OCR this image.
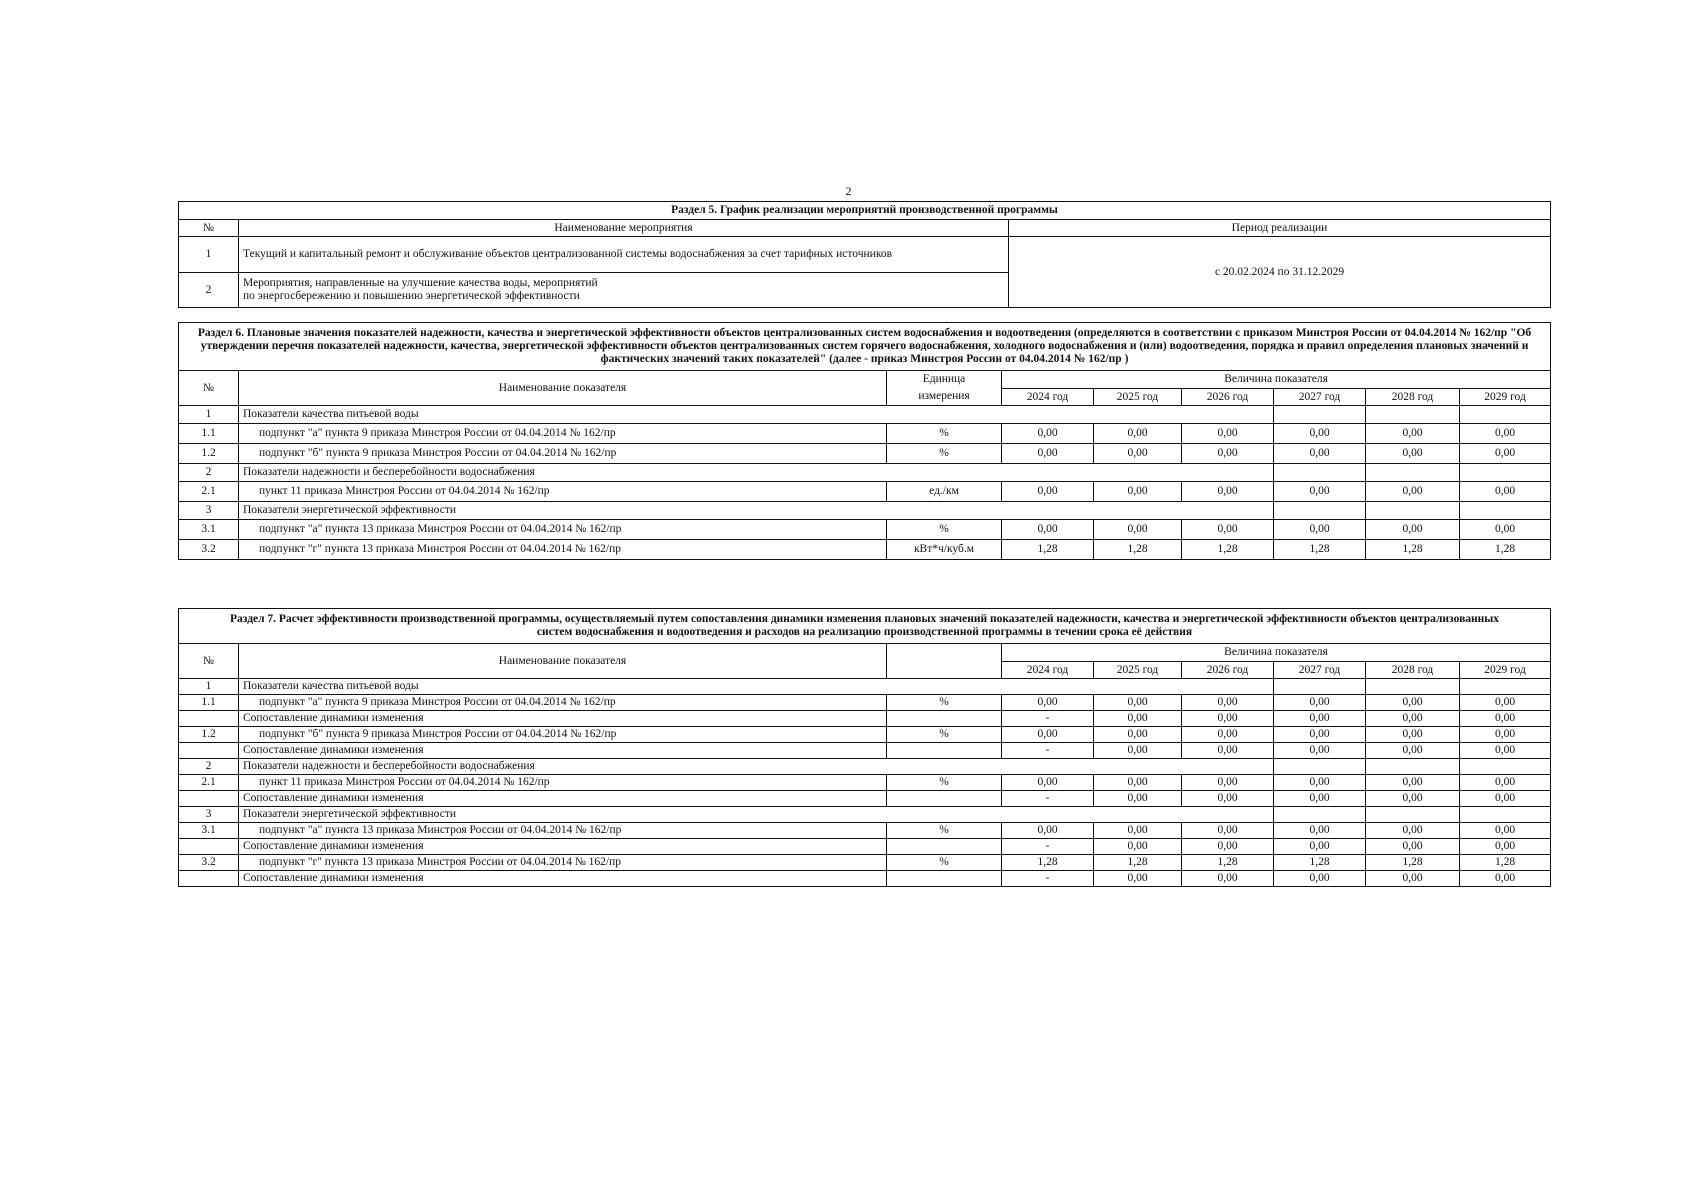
2
Раздел 5. График реализации мероприятий производственной программы		
№	Наименование мероприятия	Период реализации
1	Текущий и капитальный ремонт и обслуживание объектов централизованной системы водоснабжения за счет тарифных источников	с 20.02.2024 по 31.12.2029
2	Мероприятия, направленные на улучшение качества воды, мероприятий
по энергосбережению и повышению энергетической эффективности	
Раздел 6. Плановые значения показателей надежности, качества и энергетической эффективности объектов централизованных систем водоснабжения и водоотведения (определяются в соответствии с приказом Минстроя России от 04.04.2014 № 162/пр "Об утверждении перечня показателей надежности, качества, энергетической эффективности объектов централизованных систем горячего водоснабжения, холодного водоснабжения и (или) водоотведения, порядка и правил определения плановых значений и фактических значений таких показателей" (далее - приказ Минстроя России от 04.04.2014 № 162/пр )								
№	Наименование показателя	Единица	Величина показателя					
		измерения	2024 год	2025 год	2026 год	2027 год	2028 год	2029 год
1	Показатели качества питьевой воды							
1.1	подпункт "а" пункта 9 приказа Минстроя России от 04.04.2014 № 162/пр	%	0,00	0,00	0,00	0,00	0,00	0,00
1.2	подпункт "б" пункта 9 приказа Минстроя России от 04.04.2014 № 162/пр	%	0,00	0,00	0,00	0,00	0,00	0,00
2	Показатели надежности и бесперебойности водоснабжения							
2.1	пункт 11 приказа Минстроя России от 04.04.2014 № 162/пр	ед./км	0,00	0,00	0,00	0,00	0,00	0,00
3	Показатели энергетической эффективности							
3.1	подпункт "а" пункта 13 приказа Минстроя России от 04.04.2014 № 162/пр	%	0,00	0,00	0,00	0,00	0,00	0,00
3.2	подпункт "г" пункта 13 приказа Минстроя России от 04.04.2014 № 162/пр	кВт*ч/куб.м	1,28	1,28	1,28	1,28	1,28	1,28
Раздел 7. Расчет эффективности производственной программы, осуществляемый путем сопоставления динамики изменения плановых значений показателей надежности, качества и энергетической эффективности объектов централизованных систем водоснабжения и водоотведения и расходов на реализацию производственной программы в течении срока её действия								
№	Наименование показателя		Величина показателя					
			2024 год	2025 год	2026 год	2027 год	2028 год	2029 год
1	Показатели качества питьевой воды							
1.1	подпункт "а" пункта 9 приказа Минстроя России от 04.04.2014 № 162/пр	%	0,00	0,00	0,00	0,00	0,00	0,00
	Сопоставление динамики изменения		-	0,00	0,00	0,00	0,00	0,00
1.2	подпункт "б" пункта 9 приказа Минстроя России от 04.04.2014 № 162/пр	%	0,00	0,00	0,00	0,00	0,00	0,00
	Сопоставление динамики изменения		-	0,00	0,00	0,00	0,00	0,00
2	Показатели надежности и бесперебойности водоснабжения							
2.1	пункт 11 приказа Минстроя России от 04.04.2014 № 162/пр	%	0,00	0,00	0,00	0,00	0,00	0,00
	Сопоставление динамики изменения		-	0,00	0,00	0,00	0,00	0,00
3	Показатели энергетической эффективности							
3.1	подпункт "а" пункта 13 приказа Минстроя России от 04.04.2014 № 162/пр	%	0,00	0,00	0,00	0,00	0,00	0,00
	Сопоставление динамики изменения		-	0,00	0,00	0,00	0,00	0,00
3.2	подпункт "г" пункта 13 приказа Минстроя России от 04.04.2014 № 162/пр	%	1,28	1,28	1,28	1,28	1,28	1,28
	Сопоставление динамики изменения		-	0,00	0,00	0,00	0,00	0,00
